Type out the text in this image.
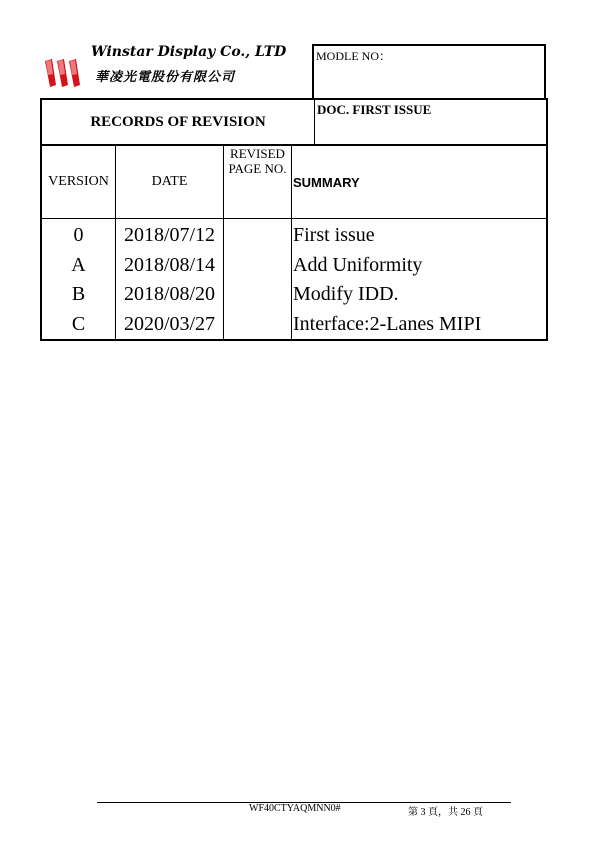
Winstar Display Co., LTD
華凌光電股份有限公司
MODLE NO：
RECORDS OF REVISION
DOC. FIRST ISSUE
VERSION	DATE	REVISED PAGE NO.	SUMMARY
0	2018/07/12		First issue
A	2018/08/14		Add Uniformity
B	2018/08/20		Modify IDD.
C	2020/03/27		Interface:2-Lanes MIPI
WF40CTYAQMNN0#	第 3 頁，共 26 頁
